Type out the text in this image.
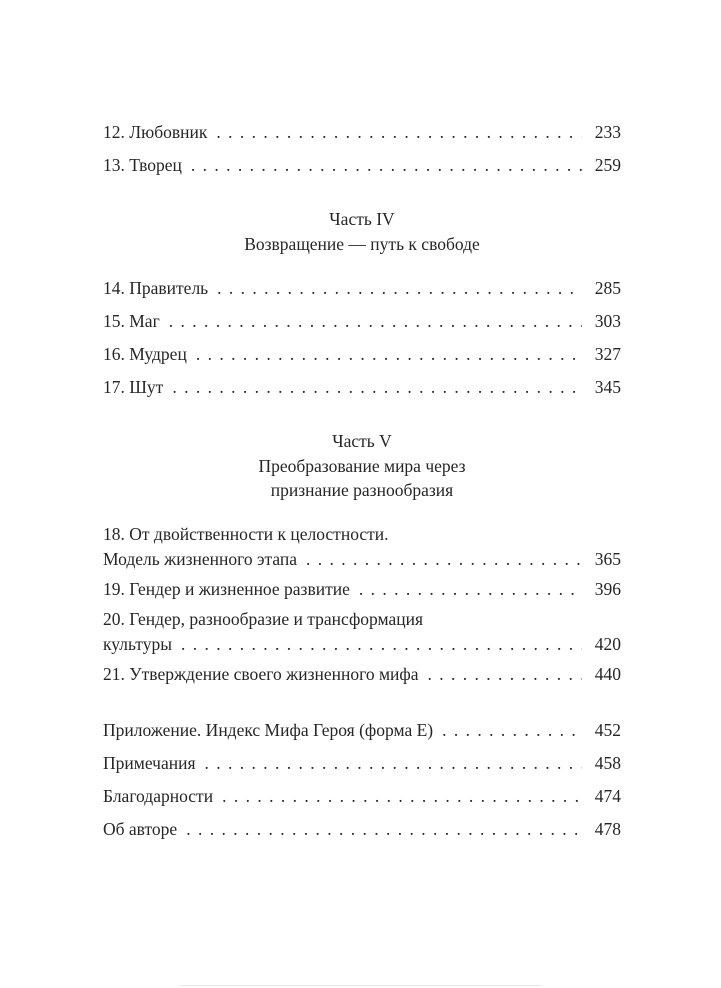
12. Любовник . . .	233
13. Творец . . .	259
Часть IV
Возвращение — путь к свободе
14. Правитель . . .	285
15. Маг . . .	303
16. Мудрец . . .	327
17. Шут . . .	345
Часть V
Преобразование мира через
признание разнообразия
18. От двойственности к целостности.
Модель жизненного этапа . . .	365
19. Гендер и жизненное развитие . . .	396
20. Гендер, разнообразие и трансформация
культуры . . .	420
21. Утверждение своего жизненного мифа . . .	440
Приложение. Индекс Мифа Героя (форма Е) . . .	452
Примечания . . .	458
Благодарности . . .	474
Об авторе . . .	478
